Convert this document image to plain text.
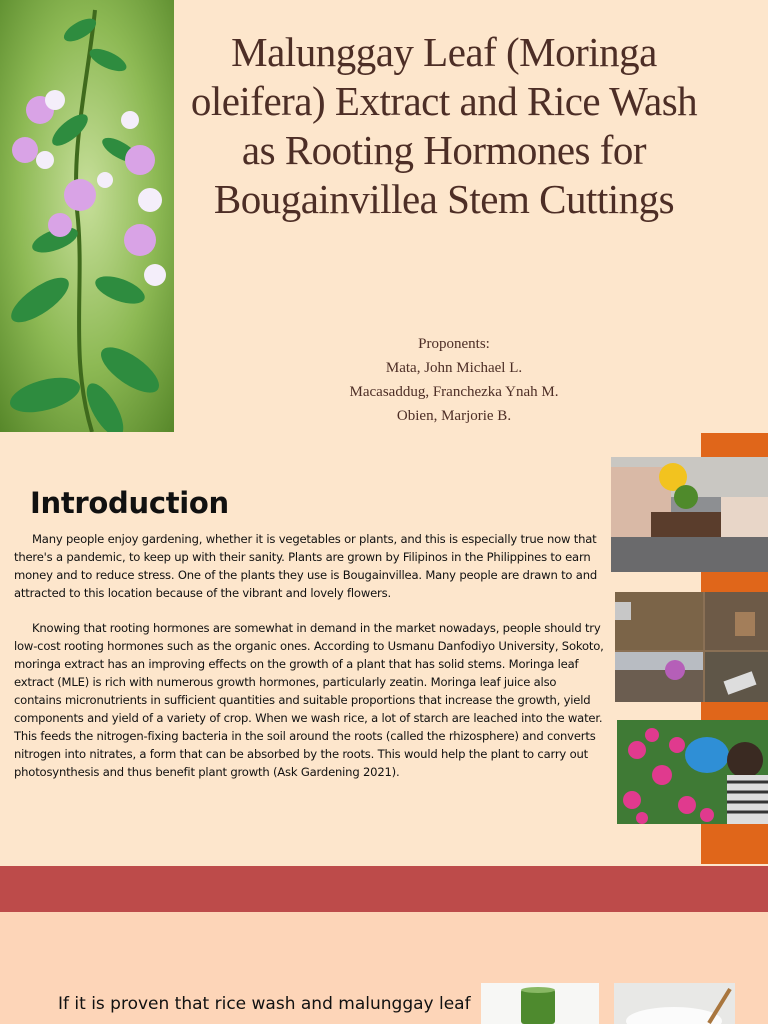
Malunggay Leaf (Moringa oleifera) Extract and Rice Wash as Rooting Hormones for Bougainvillea Stem Cuttings
Proponents:
Mata, John Michael L.
Macasaddug, Franchezka Ynah M.
Obien, Marjorie B.
Introduction

Many people enjoy gardening, whether it is vegetables or plants, and this is especially true now that there's a pandemic, to keep up with their sanity. Plants are grown by Filipinos in the Philippines to earn money and to reduce stress. One of the plants they use is Bougainvillea. Many people are drawn to and attracted to this location because of the vibrant and lovely flowers.

Knowing that rooting hormones are somewhat in demand in the market nowadays, people should try low-cost rooting hormones such as the organic ones. According to Usmanu Danfodiyo University, Sokoto, moringa extract has an improving effects on the growth of a plant that has solid stems. Moringa leaf extract (MLE) is rich with numerous growth hormones, particularly zeatin. Moringa leaf juice also contains micronutrients in sufficient quantities and suitable proportions that increase the growth, yield components and yield of a variety of crop. When we wash rice, a lot of starch are leached into the water. This feeds the nitrogen-fixing bacteria in the soil around the roots (called the rhizosphere) and converts nitrogen into nitrates, a form that can be absorbed by the roots. This would help the plant to carry out photosynthesis and thus benefit plant growth (Ask Gardening 2021).

If it is proven that rice wash and malunggay leaf
